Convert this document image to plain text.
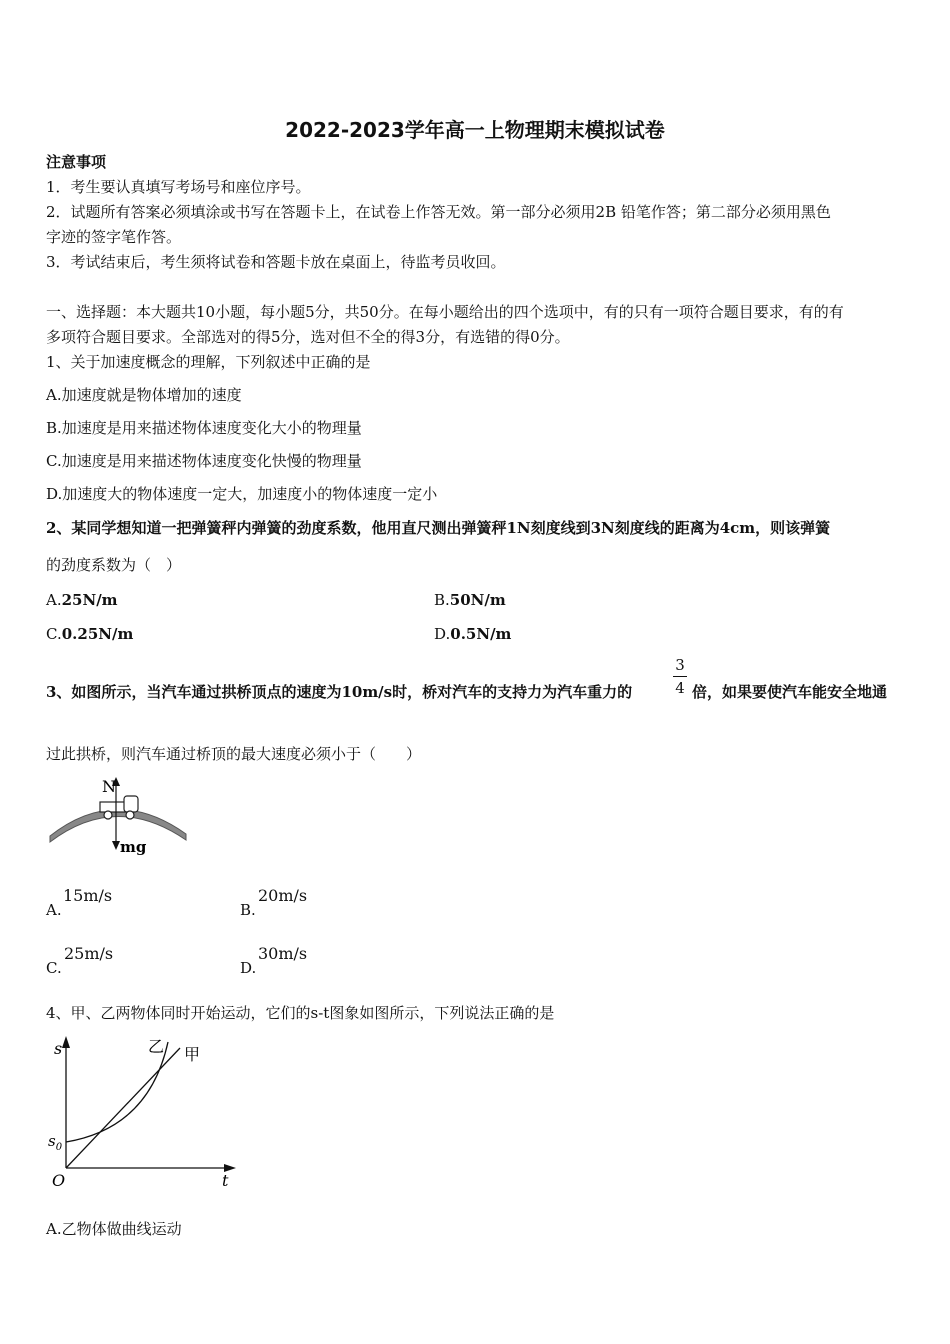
2022-2023学年高一上物理期末模拟试卷
注意事项
1．考生要认真填写考场号和座位序号。
2．试题所有答案必须填涂或书写在答题卡上，在试卷上作答无效。第一部分必须用2B 铅笔作答；第二部分必须用黑色
字迹的签字笔作答。
3．考试结束后，考生须将试卷和答题卡放在桌面上，待监考员收回。
一、选择题：本大题共10小题，每小题5分，共50分。在每小题给出的四个选项中，有的只有一项符合题目要求，有的有
多项符合题目要求。全部选对的得5分，选对但不全的得3分，有选错的得0分。
1、关于加速度概念的理解，下列叙述中正确的是
A.加速度就是物体增加的速度
B.加速度是用来描述物体速度变化大小的物理量
C.加速度是用来描述物体速度变化快慢的物理量
D.加速度大的物体速度一定大，加速度小的物体速度一定小
2、某同学想知道一把弹簧秤内弹簧的劲度系数，他用直尺测出弹簧秤1N刻度线到3N刻度线的距离为4cm，则该弹簧
的劲度系数为（　）
A.25N/m	B.50N/m
C.0.25N/m	D.0.5N/m
3、如图所示，当汽车通过拱桥顶点的速度为10m/s时，桥对汽车的支持力为汽车重力的
3
4 倍，如果要使汽车能安全地通
过此拱桥，则汽车通过桥顶的最大速度必须小于（　　）
N
mg
A.
15m/s
B.
20m/s
C.
25m/s
D.
30m/s
4、甲、乙两物体同时开始运动，它们的s-t图象如图所示，下列说法正确的是
s
t
O
$s_0$
乙 甲
A.乙物体做曲线运动
